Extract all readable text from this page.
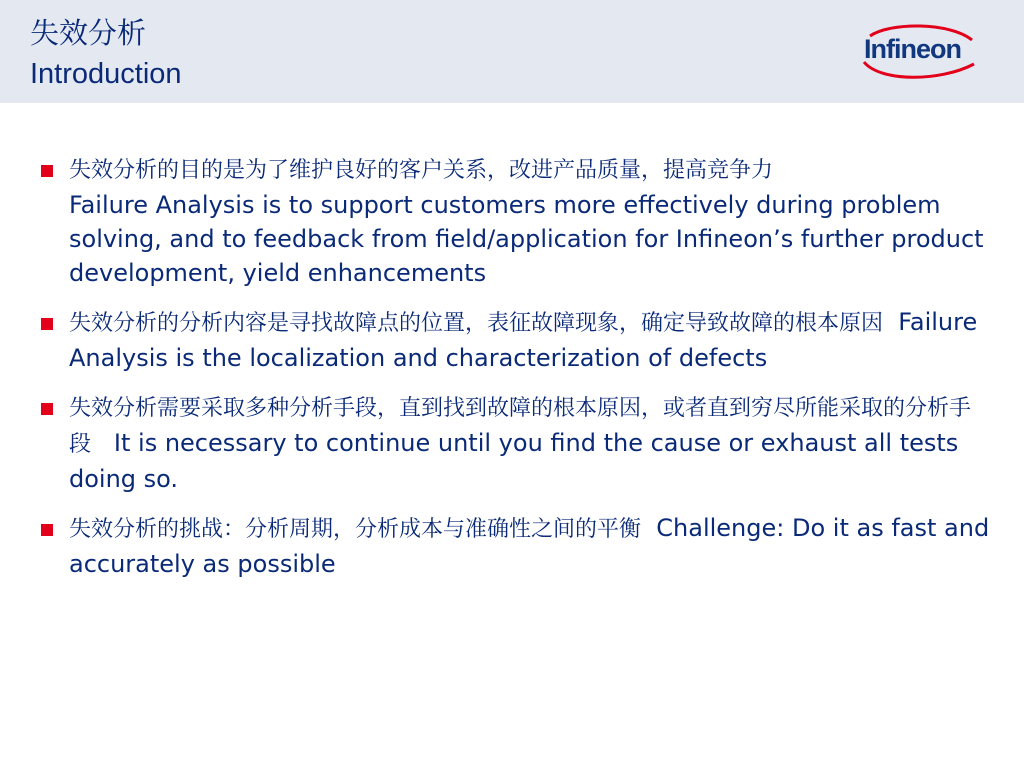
失效分析
Introduction
Infineon
失效分析的目的是为了维护良好的客户关系，改进产品质量，提高竞争力
Failure Analysis is to support customers more effectively during problem solving, and to feedback from field/application for Infineon’s further product development, yield enhancements
失效分析的分析内容是寻找故障点的位置，表征故障现象，确定导致故障的根本原因 Failure Analysis is the localization and characterization of defects
失效分析需要采取多种分析手段，直到找到故障的根本原因，或者直到穷尽所能采取的分析手段 It is necessary to continue until you find the cause or exhaust all tests doing so.
失效分析的挑战：分析周期，分析成本与准确性之间的平衡 Challenge: Do it as fast and accurately as possible
